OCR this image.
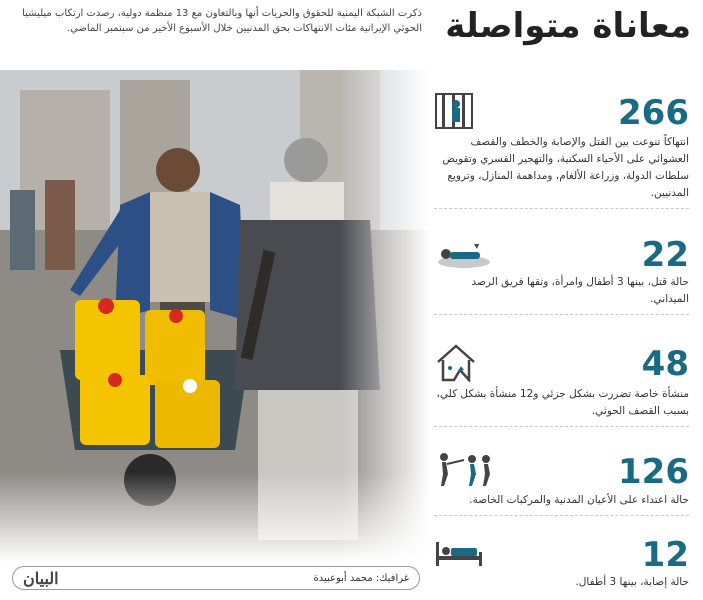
معاناة متواصلة
ذكرت الشبكة اليمنية للحقوق والحريات أنها وبالتعاون مع 13 منظمة دولية، رصدت ارتكاب ميليشيا الحوثي الإيرانية مئات الانتهاكات بحق المدنيين خلال الأسبوع الأخير من سبتمبر الماضي.
266
انتهاكاً تنوعت بين القتل والإصابة والخطف والقصف العشوائي على الأحياء السكنية، والتهجير القسري وتقويض سلطات الدولة، وزراعة الألغام، ومداهمة المنازل، وترويع المدنيين.
22
حالة قتل، بينها 3 أطفال وامرأة، وثقها فريق الرصد الميداني.
48
منشأة خاصة تضررت بشكل جزئي و12 منشأة بشكل كلي، بسبب القصف الحوثي.
126
حالة اعتداء على الأعيان المدنية والمركبات الخاصة.
12
حالة إصابة، بينها 3 أطفال.
غرافيك: محمد أبوعبيدة
البيان
